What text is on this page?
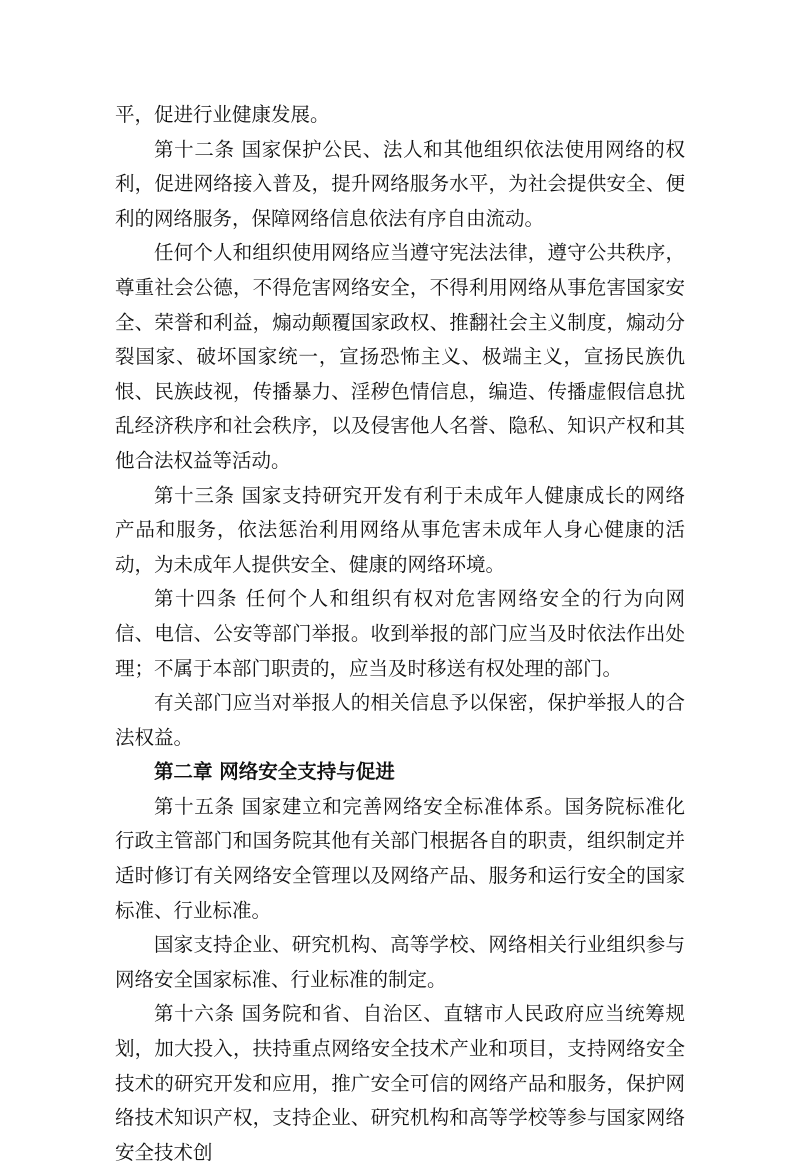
平，促进行业健康发展。

第十二条 国家保护公民、法人和其他组织依法使用网络的权利，促进网络接入普及，提升网络服务水平，为社会提供安全、便利的网络服务，保障网络信息依法有序自由流动。

任何个人和组织使用网络应当遵守宪法法律，遵守公共秩序，尊重社会公德，不得危害网络安全，不得利用网络从事危害国家安全、荣誉和利益，煽动颠覆国家政权、推翻社会主义制度，煽动分裂国家、破坏国家统一，宣扬恐怖主义、极端主义，宣扬民族仇恨、民族歧视，传播暴力、淫秽色情信息，编造、传播虚假信息扰乱经济秩序和社会秩序，以及侵害他人名誉、隐私、知识产权和其他合法权益等活动。

第十三条 国家支持研究开发有利于未成年人健康成长的网络产品和服务，依法惩治利用网络从事危害未成年人身心健康的活动，为未成年人提供安全、健康的网络环境。

第十四条 任何个人和组织有权对危害网络安全的行为向网信、电信、公安等部门举报。收到举报的部门应当及时依法作出处理；不属于本部门职责的，应当及时移送有权处理的部门。

有关部门应当对举报人的相关信息予以保密，保护举报人的合法权益。

第二章 网络安全支持与促进

第十五条 国家建立和完善网络安全标准体系。国务院标准化行政主管部门和国务院其他有关部门根据各自的职责，组织制定并适时修订有关网络安全管理以及网络产品、服务和运行安全的国家标准、行业标准。

国家支持企业、研究机构、高等学校、网络相关行业组织参与网络安全国家标准、行业标准的制定。

第十六条 国务院和省、自治区、直辖市人民政府应当统筹规划，加大投入，扶持重点网络安全技术产业和项目，支持网络安全技术的研究开发和应用，推广安全可信的网络产品和服务，保护网络技术知识产权，支持企业、研究机构和高等学校等参与国家网络安全技术创
